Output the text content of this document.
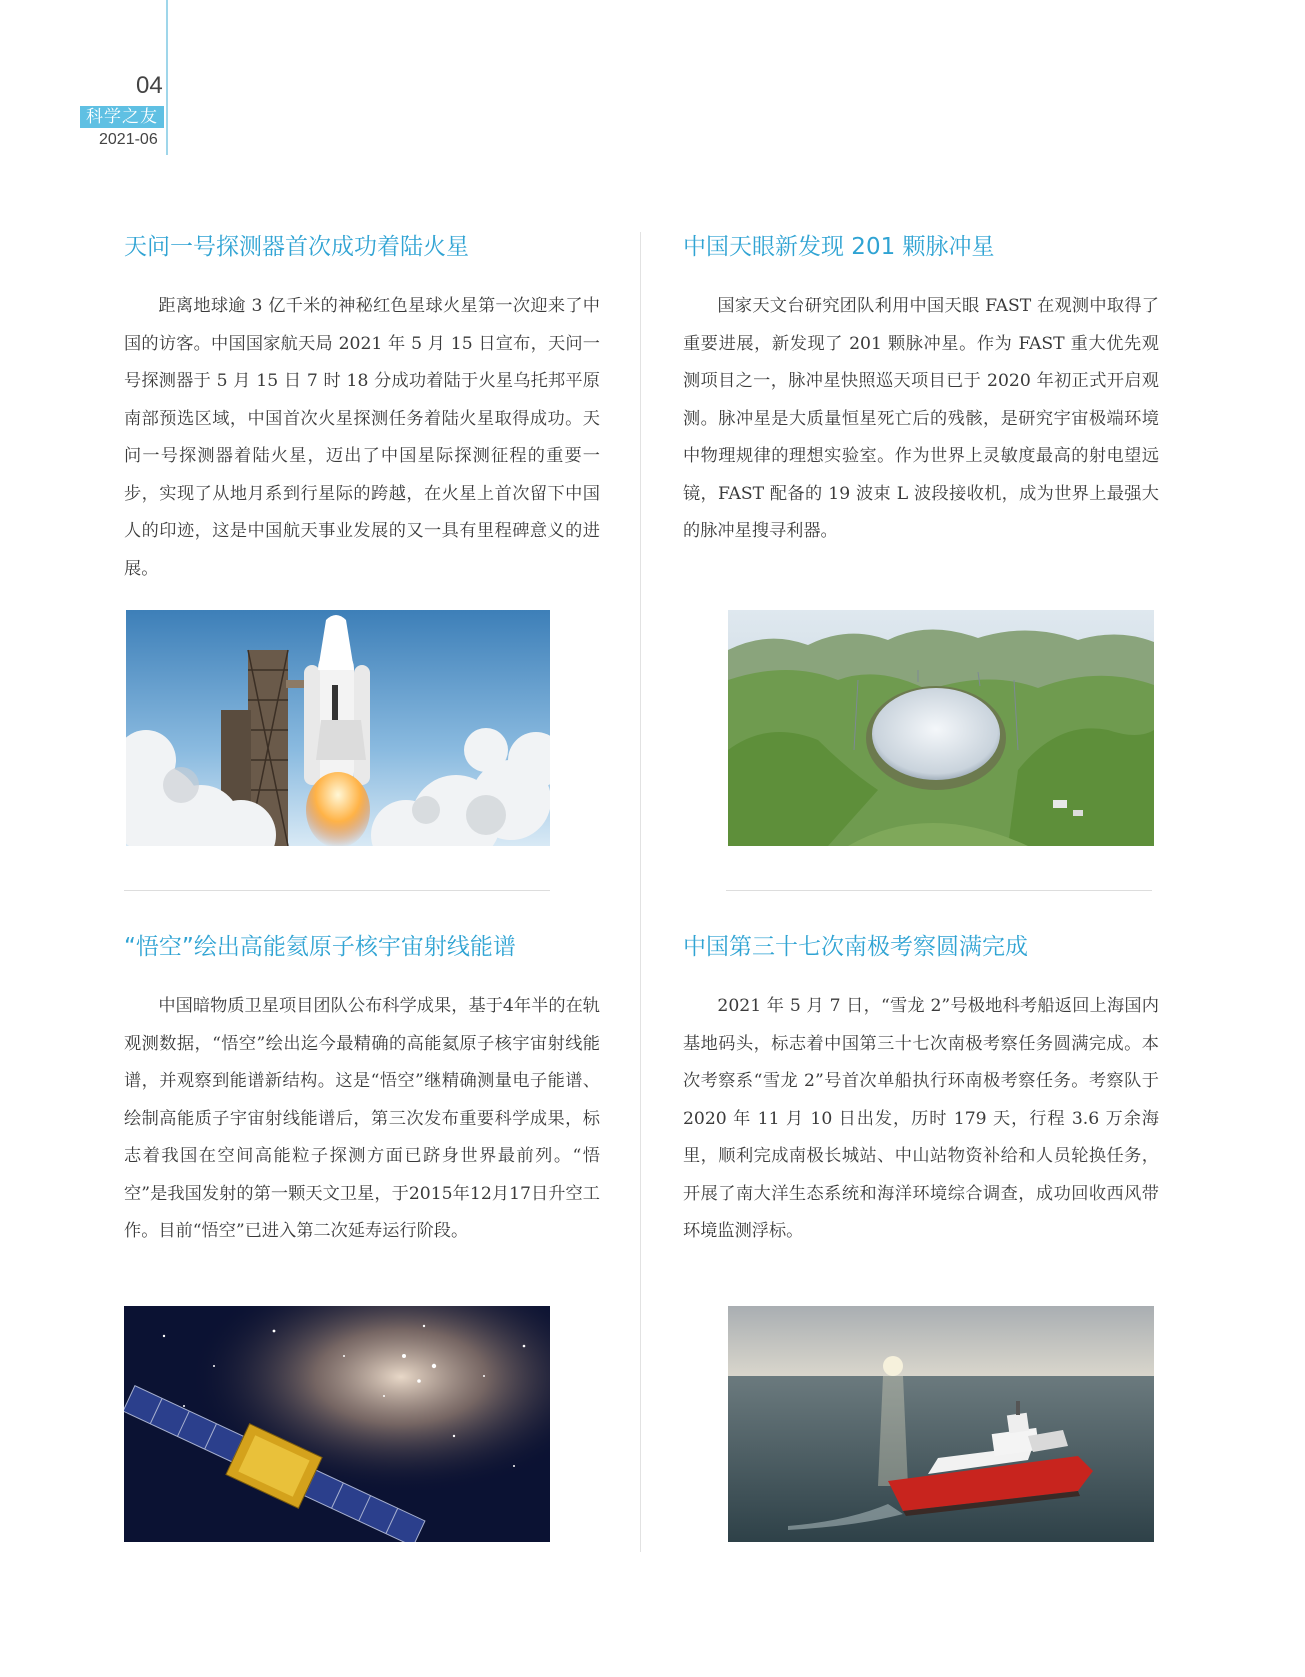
04
科学之友
2021-06
天问一号探测器首次成功着陆火星

距离地球逾 3 亿千米的神秘红色星球火星第一次迎来了中国的访客。中国国家航天局 2021 年 5 月 15 日宣布，天问一号探测器于 5 月 15 日 7 时 18 分成功着陆于火星乌托邦平原南部预选区域，中国首次火星探测任务着陆火星取得成功。天问一号探测器着陆火星，迈出了中国星际探测征程的重要一步，实现了从地月系到行星际的跨越，在火星上首次留下中国人的印迹，这是中国航天事业发展的又一具有里程碑意义的进展。

中国天眼新发现 201 颗脉冲星

国家天文台研究团队利用中国天眼 FAST 在观测中取得了重要进展，新发现了 201 颗脉冲星。作为 FAST 重大优先观测项目之一，脉冲星快照巡天项目已于 2020 年初正式开启观测。脉冲星是大质量恒星死亡后的残骸，是研究宇宙极端环境中物理规律的理想实验室。作为世界上灵敏度最高的射电望远镜，FAST 配备的 19 波束 L 波段接收机，成为世界上最强大的脉冲星搜寻利器。

“悟空”绘出高能氦原子核宇宙射线能谱

中国暗物质卫星项目团队公布科学成果，基于4年半的在轨观测数据，“悟空”绘出迄今最精确的高能氦原子核宇宙射线能谱，并观察到能谱新结构。这是“悟空”继精确测量电子能谱、绘制高能质子宇宙射线能谱后，第三次发布重要科学成果，标志着我国在空间高能粒子探测方面已跻身世界最前列。“悟空”是我国发射的第一颗天文卫星，于2015年12月17日升空工作。目前“悟空”已进入第二次延寿运行阶段。

中国第三十七次南极考察圆满完成

2021 年 5 月 7 日，“雪龙 2”号极地科考船返回上海国内基地码头，标志着中国第三十七次南极考察任务圆满完成。本次考察系“雪龙 2”号首次单船执行环南极考察任务。考察队于 2020 年 11 月 10 日出发，历时 179 天，行程 3.6 万余海里，顺利完成南极长城站、中山站物资补给和人员轮换任务，开展了南大洋生态系统和海洋环境综合调查，成功回收西风带环境监测浮标。
